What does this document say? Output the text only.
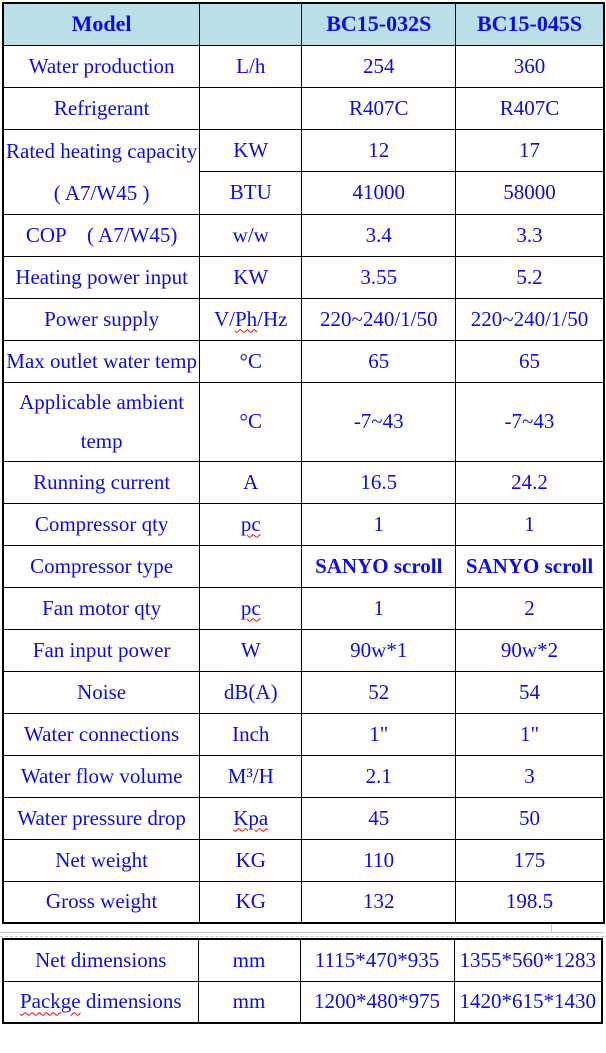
Model		BC15-032S	BC15-045S
Water production	L/h	254	360
Refrigerant		R407C	R407C

Rated heating capacity
( A7/W45 )	KW	12	17
	BTU	41000	58000
COP    ( A7/W45)	w/w	3.4	3.3
Heating power input	KW	3.55	5.2
Power supply	V/Ph/Hz	220~240/1/50	220~240/1/50
Max outlet water temp	°C	65	65

Applicable ambient
temp	°C	-7~43	-7~43
Running current	A	16.5	24.2
Compressor qty	pc	1	1
Compressor type		SANYO scroll	SANYO scroll
Fan motor qty	pc	1	2
Fan input power	W	90w*1	90w*2
Noise	dB(A)	52	54
Water connections	Inch	1"	1"
Water flow volume	M³/H	2.1	3
Water pressure drop	Kpa	45	50
Net weight	KG	110	175
Gross weight	KG	132	198.5
Net dimensions	mm	1115*470*935	1355*560*1283
Packge dimensions	mm	1200*480*975	1420*615*1430
